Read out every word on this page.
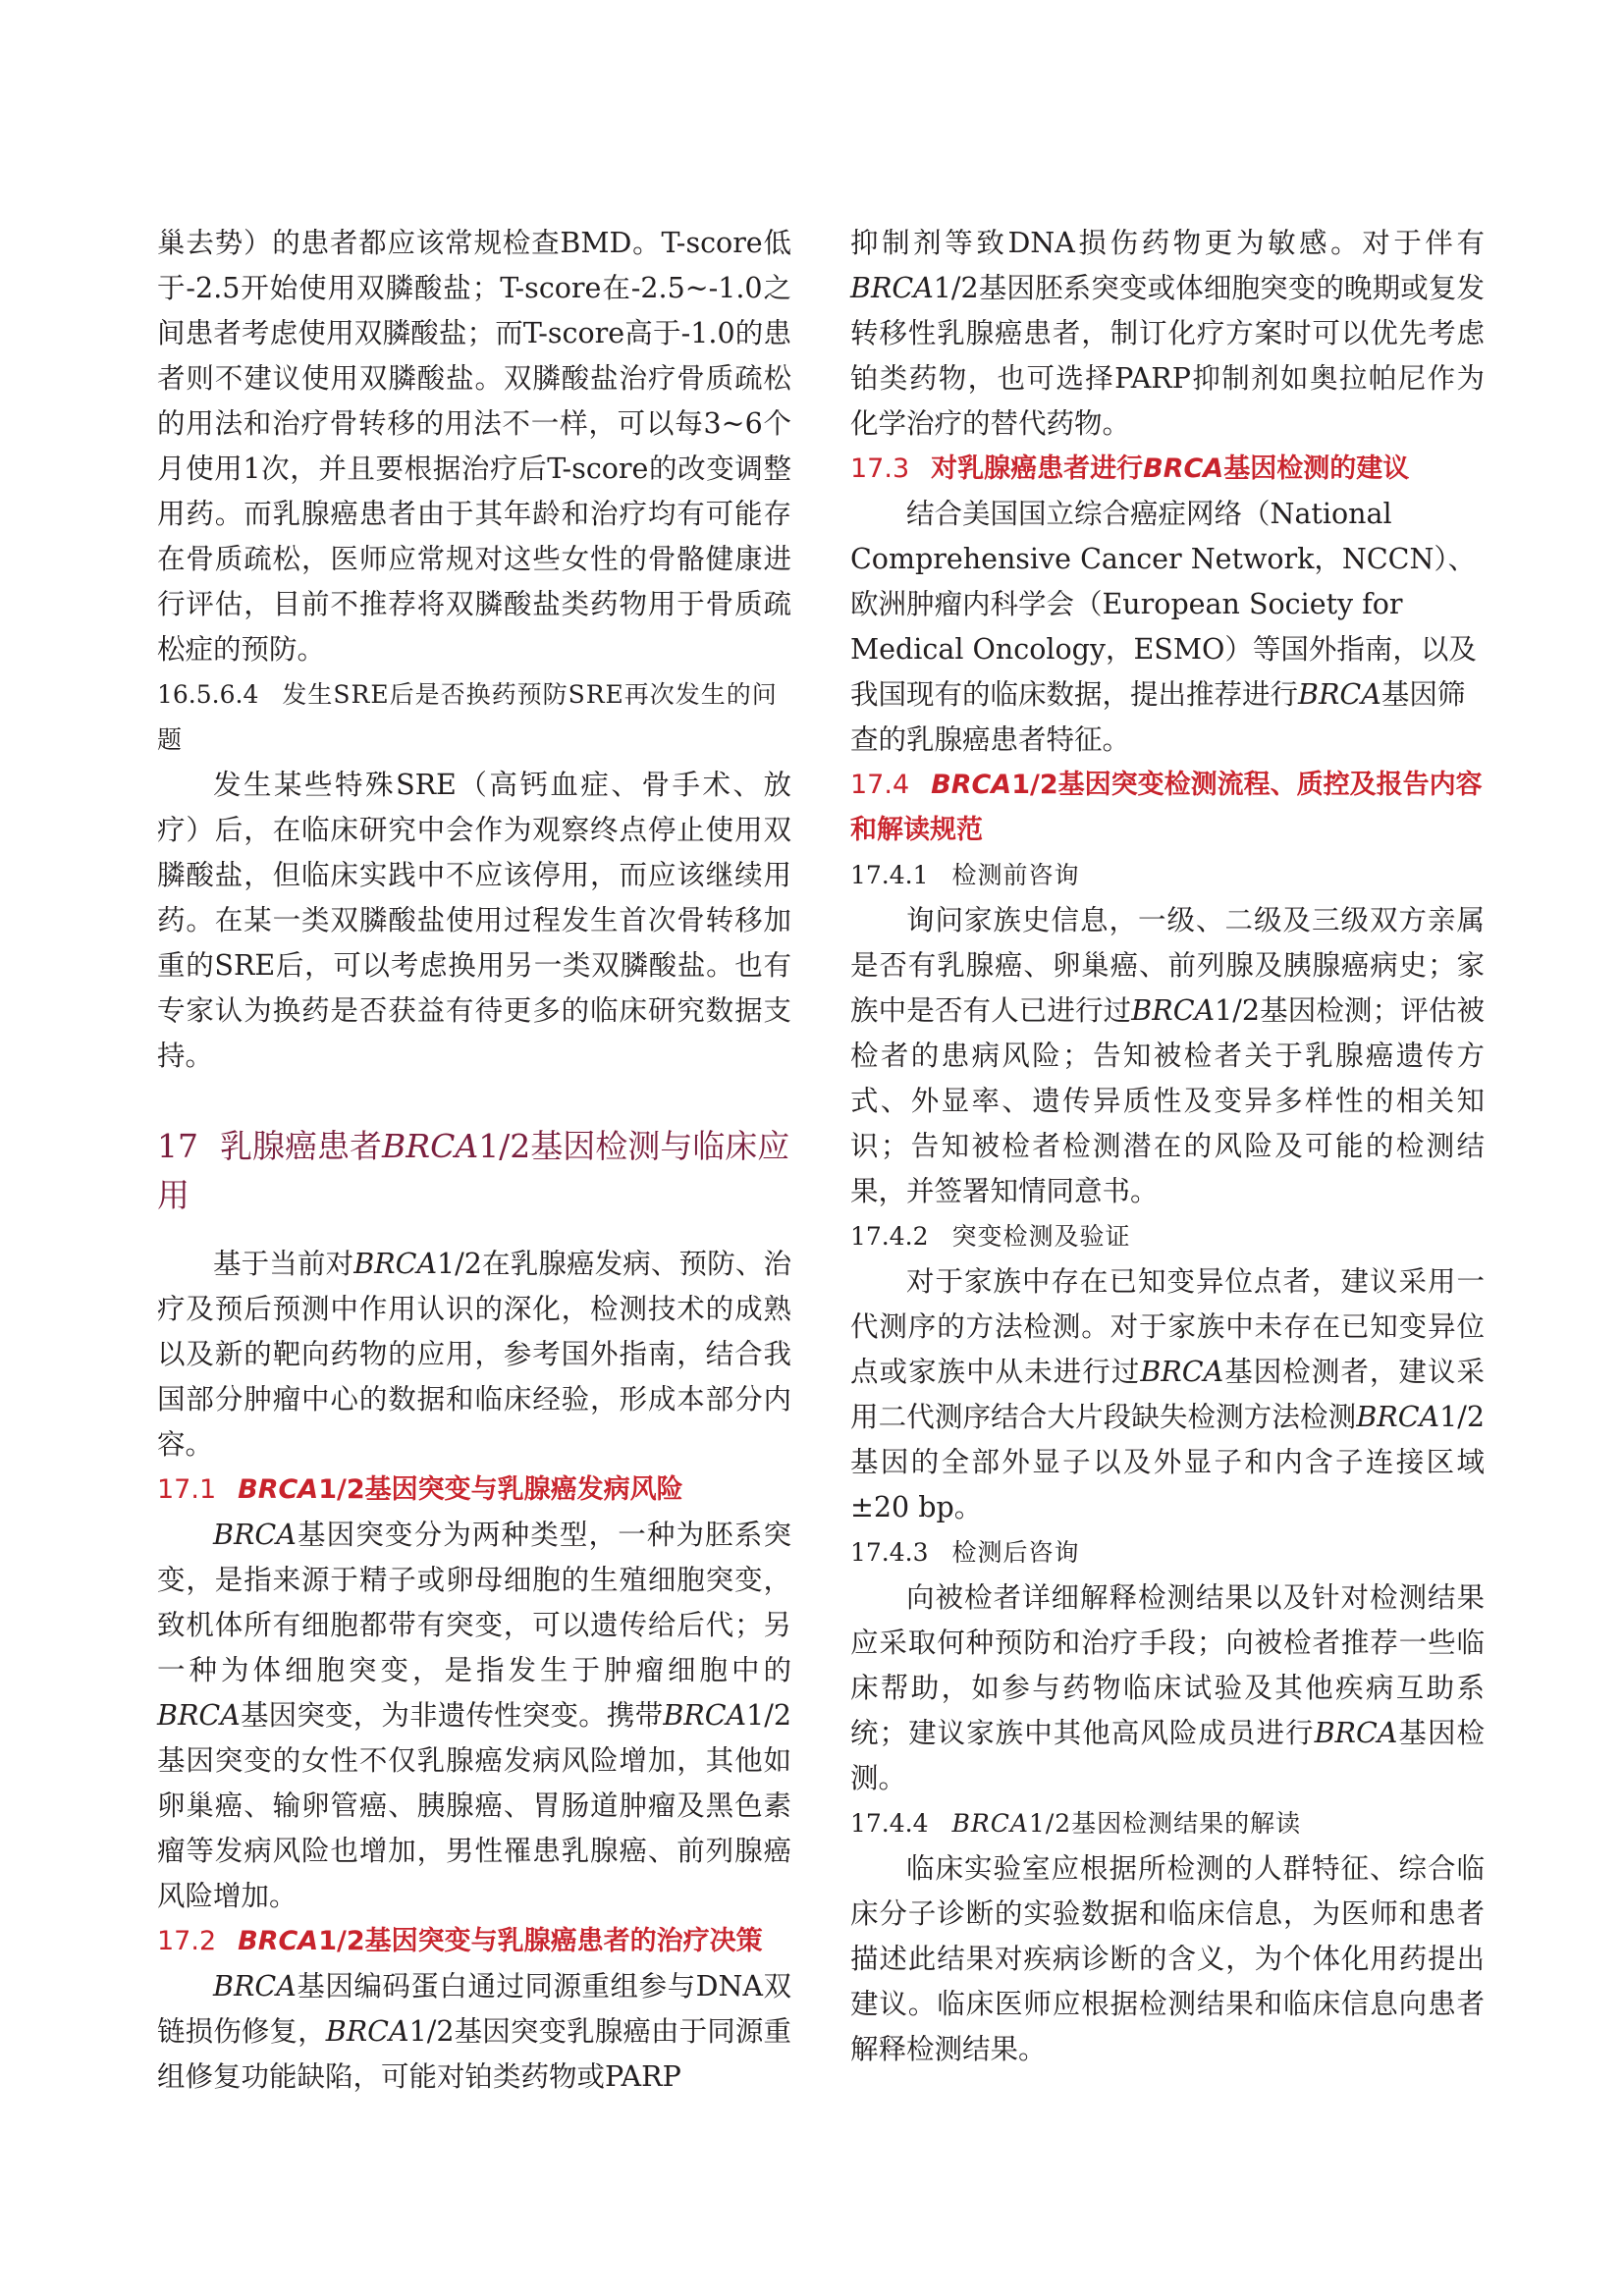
巢去势）的患者都应该常规检查BMD。T-score低于-2.5开始使用双膦酸盐；T-score在-2.5~-1.0之间患者考虑使用双膦酸盐；而T-score高于-1.0的患者则不建议使用双膦酸盐。双膦酸盐治疗骨质疏松的用法和治疗骨转移的用法不一样，可以每3~6个月使用1次，并且要根据治疗后T-score的改变调整用药。而乳腺癌患者由于其年龄和治疗均有可能存在骨质疏松，医师应常规对这些女性的骨骼健康进行评估，目前不推荐将双膦酸盐类药物用于骨质疏松症的预防。

16.5.6.4 发生SRE后是否换药预防SRE再次发生的问题

发生某些特殊SRE（高钙血症、骨手术、放疗）后，在临床研究中会作为观察终点停止使用双膦酸盐，但临床实践中不应该停用，而应该继续用药。在某一类双膦酸盐使用过程发生首次骨转移加重的SRE后，可以考虑换用另一类双膦酸盐。也有专家认为换药是否获益有待更多的临床研究数据支持。

17 乳腺癌患者BRCA1/2基因检测与临床应用

基于当前对BRCA1/2在乳腺癌发病、预防、治疗及预后预测中作用认识的深化，检测技术的成熟以及新的靶向药物的应用，参考国外指南，结合我国部分肿瘤中心的数据和临床经验，形成本部分内容。

17.1 BRCA1/2基因突变与乳腺癌发病风险

BRCA基因突变分为两种类型，一种为胚系突变，是指来源于精子或卵母细胞的生殖细胞突变，致机体所有细胞都带有突变，可以遗传给后代；另一种为体细胞突变，是指发生于肿瘤细胞中的BRCA基因突变，为非遗传性突变。携带BRCA1/2基因突变的女性不仅乳腺癌发病风险增加，其他如卵巢癌、输卵管癌、胰腺癌、胃肠道肿瘤及黑色素瘤等发病风险也增加，男性罹患乳腺癌、前列腺癌风险增加。

17.2 BRCA1/2基因突变与乳腺癌患者的治疗决策

BRCA基因编码蛋白通过同源重组参与DNA双链损伤修复，BRCA1/2基因突变乳腺癌由于同源重组修复功能缺陷，可能对铂类药物或PARP

抑制剂等致DNA损伤药物更为敏感。对于伴有BRCA1/2基因胚系突变或体细胞突变的晚期或复发转移性乳腺癌患者，制订化疗方案时可以优先考虑铂类药物，也可选择PARP抑制剂如奥拉帕尼作为化学治疗的替代药物。

17.3 对乳腺癌患者进行BRCA基因检测的建议

结合美国国立综合癌症网络（National Comprehensive Cancer Network，NCCN）、欧洲肿瘤内科学会（European Society for Medical Oncology，ESMO）等国外指南，以及我国现有的临床数据，提出推荐进行BRCA基因筛查的乳腺癌患者特征。

17.4 BRCA1/2基因突变检测流程、质控及报告内容和解读规范

17.4.1 检测前咨询

询问家族史信息，一级、二级及三级双方亲属是否有乳腺癌、卵巢癌、前列腺及胰腺癌病史；家族中是否有人已进行过BRCA1/2基因检测；评估被检者的患病风险；告知被检者关于乳腺癌遗传方式、外显率、遗传异质性及变异多样性的相关知识；告知被检者检测潜在的风险及可能的检测结果，并签署知情同意书。

17.4.2 突变检测及验证

对于家族中存在已知变异位点者，建议采用一代测序的方法检测。对于家族中未存在已知变异位点或家族中从未进行过BRCA基因检测者，建议采用二代测序结合大片段缺失检测方法检测BRCA1/2基因的全部外显子以及外显子和内含子连接区域±20 bp。

17.4.3 检测后咨询

向被检者详细解释检测结果以及针对检测结果应采取何种预防和治疗手段；向被检者推荐一些临床帮助，如参与药物临床试验及其他疾病互助系统；建议家族中其他高风险成员进行BRCA基因检测。

17.4.4 BRCA1/2基因检测结果的解读

临床实验室应根据所检测的人群特征、综合临床分子诊断的实验数据和临床信息，为医师和患者描述此结果对疾病诊断的含义，为个体化用药提出建议。临床医师应根据检测结果和临床信息向患者解释检测结果。
